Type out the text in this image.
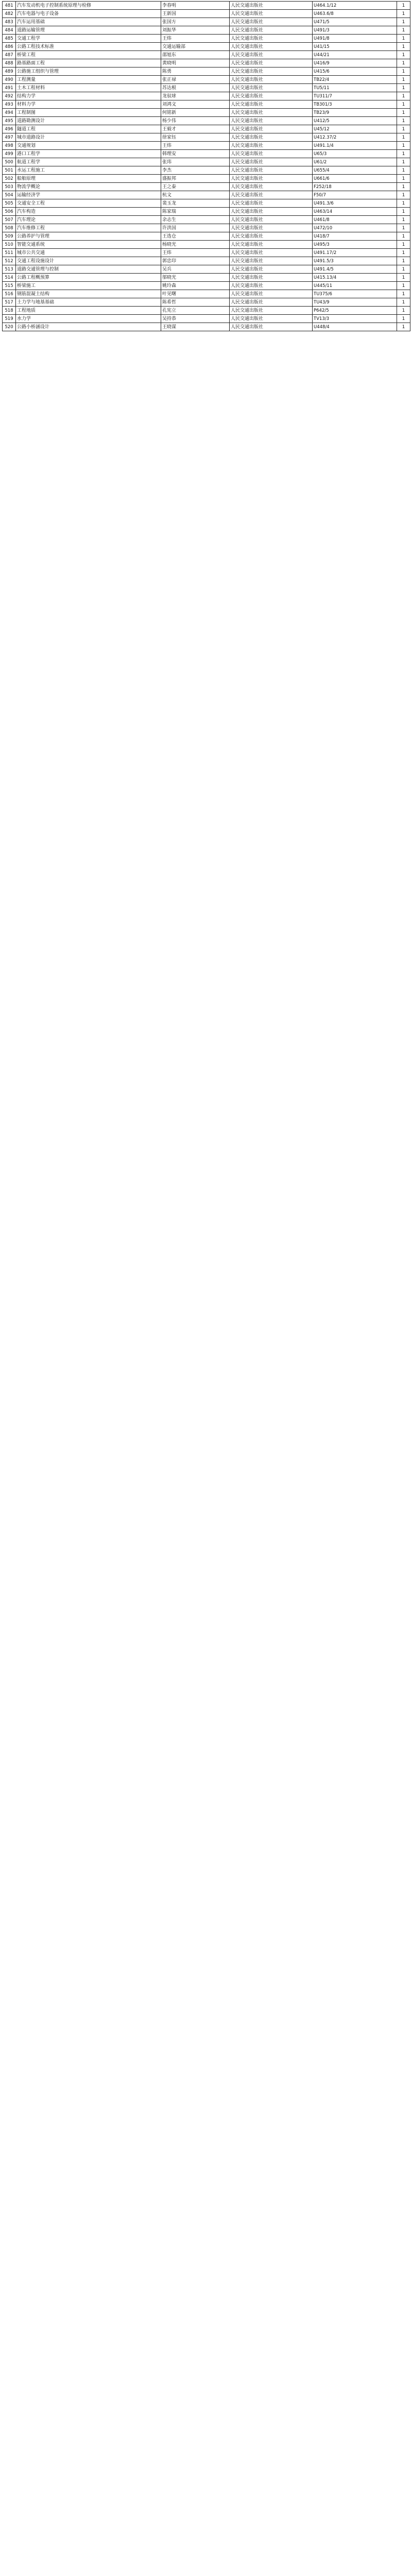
481	汽车发动机电子控制系统原理与检修	李春明	人民交通出版社	U464.1/12	1
482	汽车电器与电子设备	王新国	人民交通出版社	U463.6/8	1
483	汽车运用基础	张国方	人民交通出版社	U471/5	1
484	道路运输管理	刘振华	人民交通出版社	U491/3	1
485	交通工程学	王炜	人民交通出版社	U491/8	1
486	公路工程技术标准	交通运输部	人民交通出版社	U41/15	1
487	桥梁工程	邵旭东	人民交通出版社	U44/21	1
488	路基路面工程	黄晓明	人民交通出版社	U416/9	1
489	公路施工组织与管理	陈勇	人民交通出版社	U415/6	1
490	工程测量	张正禄	人民交通出版社	TB22/4	1
491	土木工程材料	苏达根	人民交通出版社	TU5/11	1
492	结构力学	龙驭球	人民交通出版社	TU311/7	1
493	材料力学	刘鸿文	人民交通出版社	TB301/3	1
494	工程制图	何铭新	人民交通出版社	TB23/9	1
495	道路勘测设计	杨少伟	人民交通出版社	U412/5	1
496	隧道工程	王毅才	人民交通出版社	U45/12	1
497	城市道路设计	徐家钰	人民交通出版社	U412.37/2	1
498	交通规划	王炜	人民交通出版社	U491.1/4	1
499	港口工程学	韩理安	人民交通出版社	U65/3	1
500	航道工程学	张玮	人民交通出版社	U61/2	1
501	水运工程施工	李杰	人民交通出版社	U655/4	1
502	船舶原理	盛振邦	人民交通出版社	U661/6	1
503	物流学概论	王之泰	人民交通出版社	F252/18	1
504	运输经济学	杭文	人民交通出版社	F50/7	1
505	交通安全工程	裴玉龙	人民交通出版社	U491.3/6	1
506	汽车构造	陈家瑞	人民交通出版社	U463/14	1
507	汽车理论	余志生	人民交通出版社	U461/8	1
508	汽车维修工程	许洪国	人民交通出版社	U472/10	1
509	公路养护与管理	王选仓	人民交通出版社	U418/7	1
510	智能交通系统	杨晓光	人民交通出版社	U495/3	1
511	城市公共交通	王炜	人民交通出版社	U491.17/2	1
512	交通工程设施设计	郭忠印	人民交通出版社	U491.5/3	1
513	道路交通管理与控制	吴兵	人民交通出版社	U491.4/5	1
514	公路工程概预算	邬晓光	人民交通出版社	U415.13/4	1
515	桥梁施工	姚玲森	人民交通出版社	U445/11	1
516	钢筋混凝土结构	叶见曙	人民交通出版社	TU375/6	1
517	土力学与地基基础	陈希哲	人民交通出版社	TU43/9	1
518	工程地质	孔宪立	人民交通出版社	P642/5	1
519	水力学	吴持恭	人民交通出版社	TV13/3	1
520	公路小桥涵设计	王晓谋	人民交通出版社	U448/4	1
